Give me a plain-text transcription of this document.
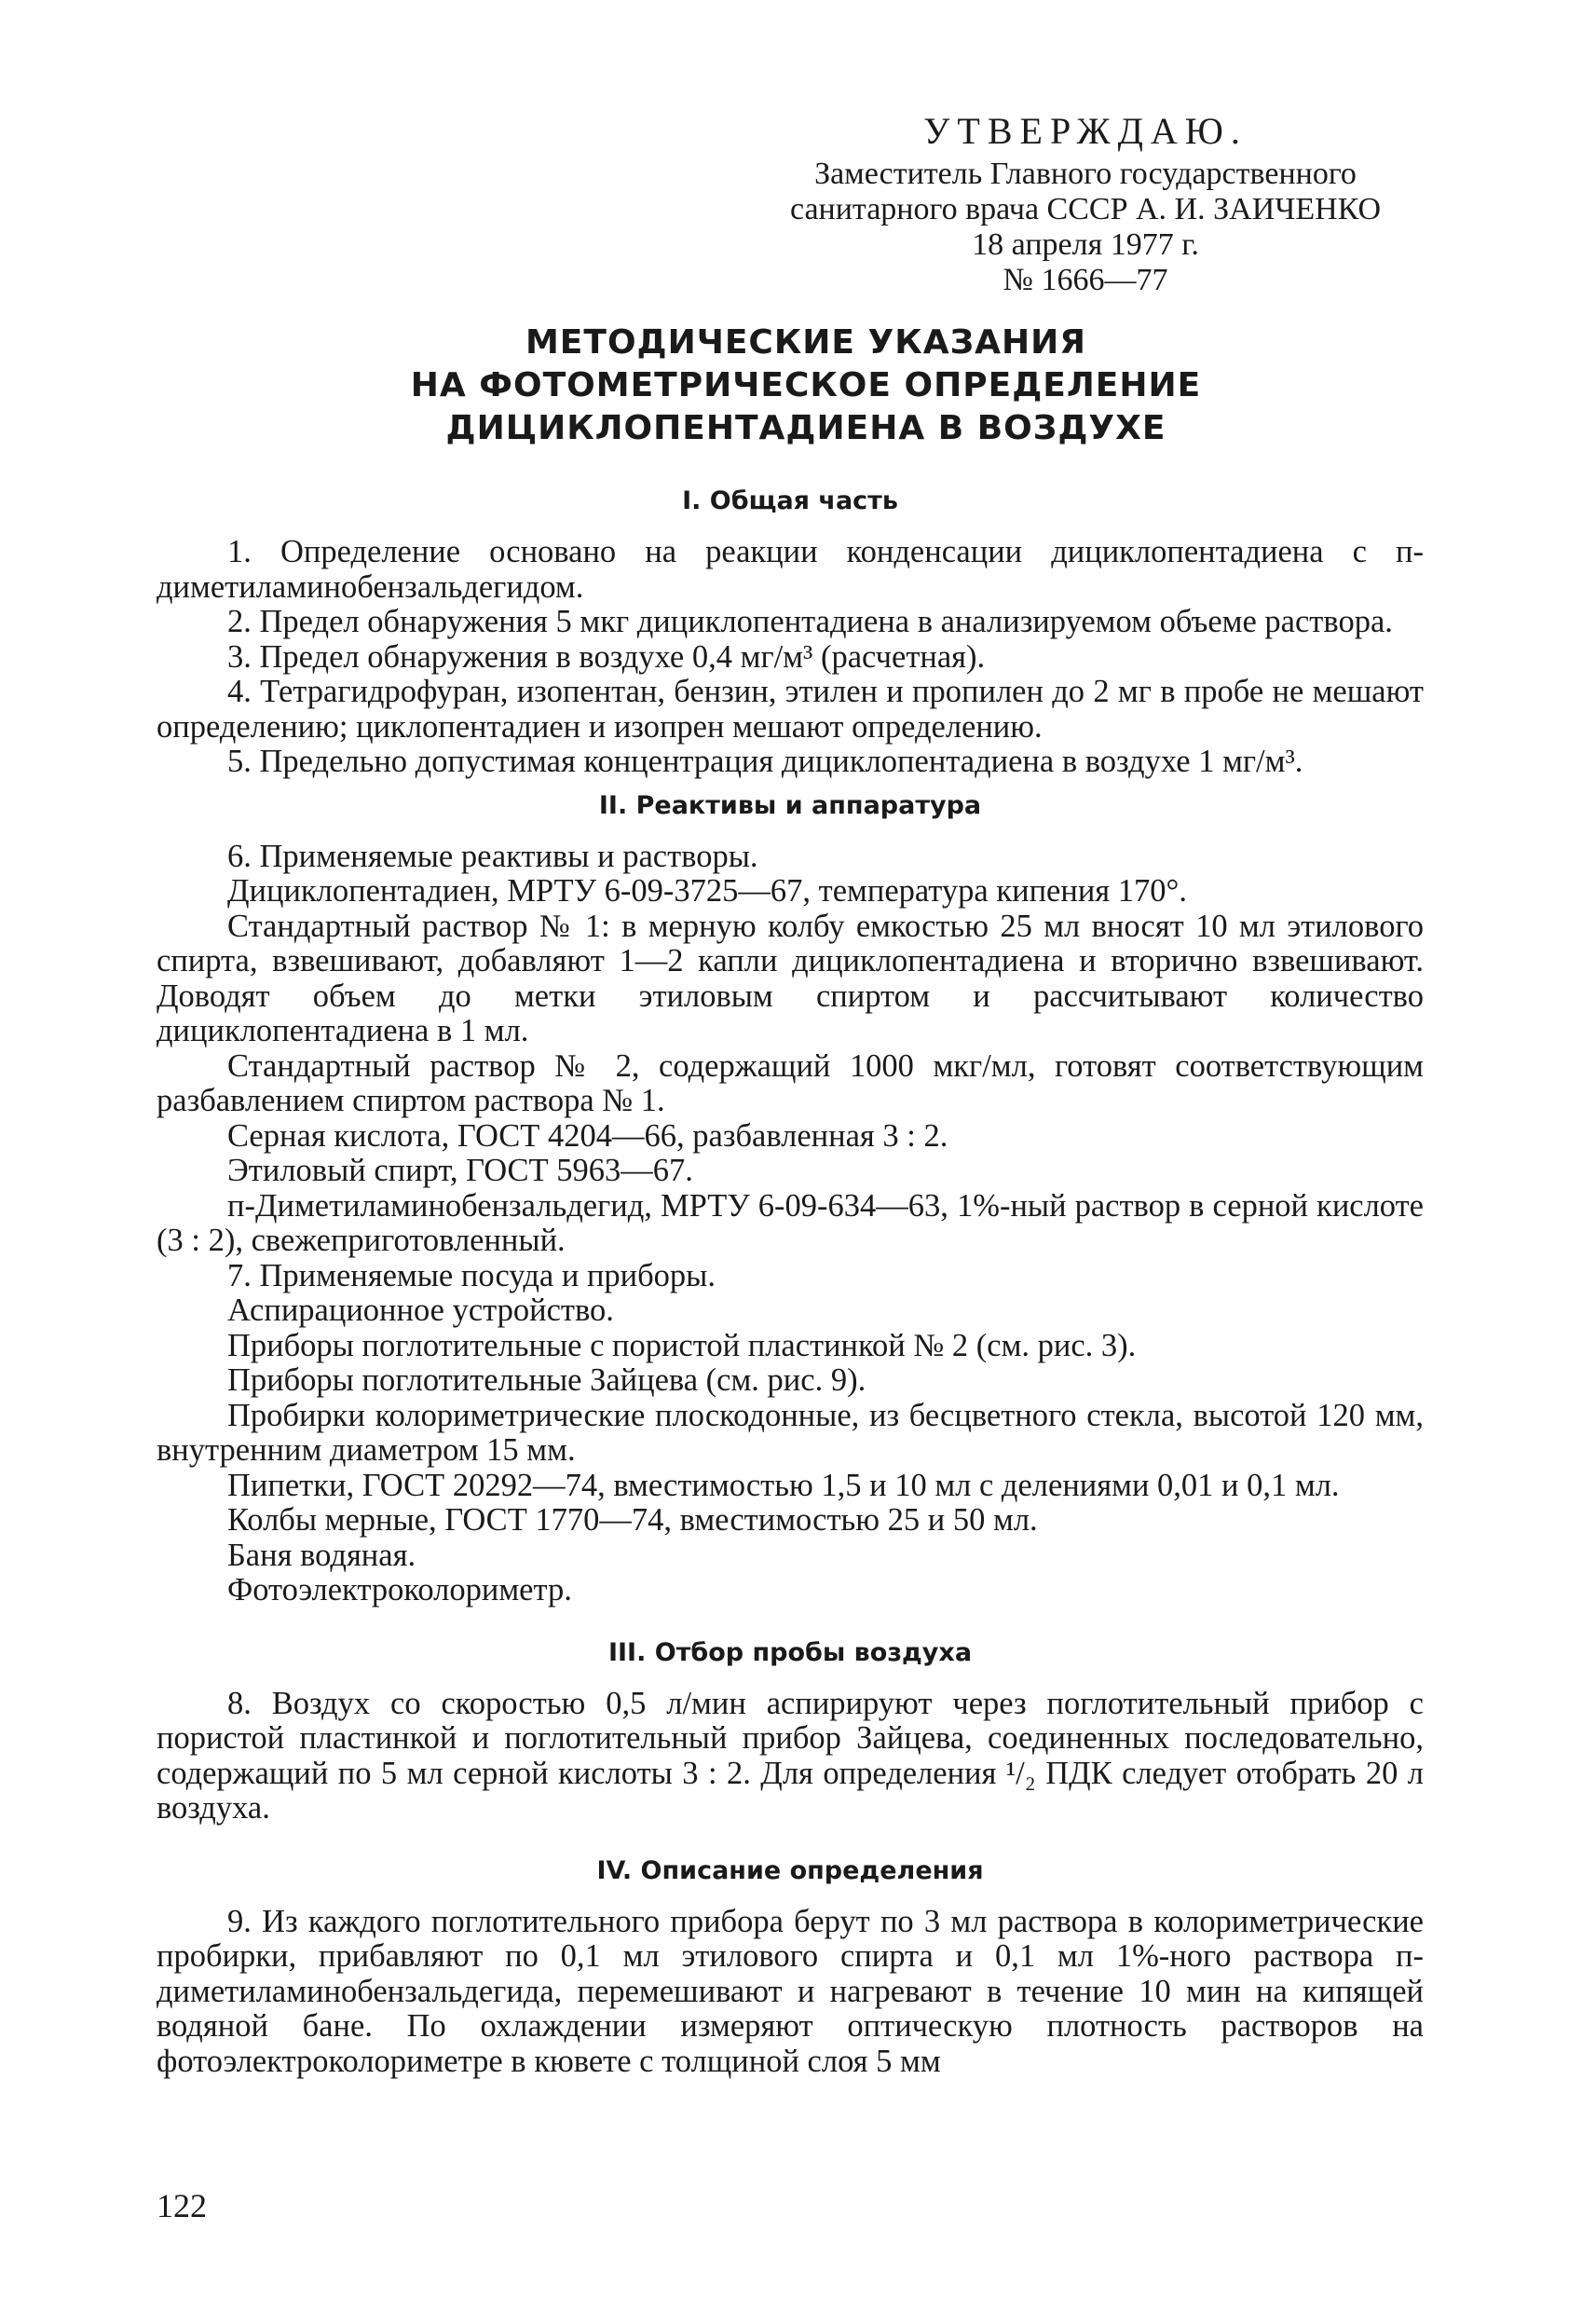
УТВЕРЖДАЮ.
Заместитель Главного государственного
санитарного врача СССР А. И. ЗАИЧЕНКО
18 апреля 1977 г.
№ 1666—77
МЕТОДИЧЕСКИЕ УКАЗАНИЯ
НА ФОТОМЕТРИЧЕСКОЕ ОПРЕДЕЛЕНИЕ
ДИЦИКЛОПЕНТАДИЕНА В ВОЗДУХЕ
I. Общая часть

1. Определение основано на реакции конденсации дициклопентадиена с п-диметиламинобензальдегидом.

2. Предел обнаружения 5 мкг дициклопентадиена в анализируемом объеме раствора.

3. Предел обнаружения в воздухе 0,4 мг/м³ (расчетная).

4. Тетрагидрофуран, изопентан, бензин, этилен и пропилен до 2 мг в пробе не мешают определению; циклопентадиен и изопрен мешают определению.

5. Предельно допустимая концентрация дициклопентадиена в воздухе 1 мг/м³.

II. Реактивы и аппаратура

6. Применяемые реактивы и растворы.

Дициклопентадиен, МРТУ 6-09-3725—67, температура кипения 170°.

Стандартный раствор № 1: в мерную колбу емкостью 25 мл вносят 10 мл этилового спирта, взвешивают, добавляют 1—2 капли дициклопентадиена и вторично взвешивают. Доводят объем до метки этиловым спиртом и рассчитывают количество дициклопентадиена в 1 мл.

Стандартный раствор № 2, содержащий 1000 мкг/мл, готовят соответствующим разбавлением спиртом раствора № 1.

Серная кислота, ГОСТ 4204—66, разбавленная 3 : 2.

Этиловый спирт, ГОСТ 5963—67.

п-Диметиламинобензальдегид, МРТУ 6-09-634—63, 1%-ный раствор в серной кислоте (3 : 2), свежеприготовленный.

7. Применяемые посуда и приборы.

Аспирационное устройство.

Приборы поглотительные с пористой пластинкой № 2 (см. рис. 3).

Приборы поглотительные Зайцева (см. рис. 9).

Пробирки колориметрические плоскодонные, из бесцветного стекла, высотой 120 мм, внутренним диаметром 15 мм.

Пипетки, ГОСТ 20292—74, вместимостью 1,5 и 10 мл с делениями 0,01 и 0,1 мл.

Колбы мерные, ГОСТ 1770—74, вместимостью 25 и 50 мл.

Баня водяная.

Фотоэлектроколориметр.

III. Отбор пробы воздуха

8. Воздух со скоростью 0,5 л/мин аспирируют через поглотительный прибор с пористой пластинкой и поглотительный прибор Зайцева, соединенных последовательно, содержащий по 5 мл серной кислоты 3 : 2. Для определения ¹/₂ ПДК следует отобрать 20 л воздуха.

IV. Описание определения

9. Из каждого поглотительного прибора берут по 3 мл раствора в колориметрические пробирки, прибавляют по 0,1 мл этилового спирта и 0,1 мл 1%-ного раствора п-диметиламинобензальдегида, перемешивают и нагревают в течение 10 мин на кипящей водяной бане. По охлаждении измеряют оптическую плотность растворов на фотоэлектроколориметре в кювете с толщиной слоя 5 мм

122
